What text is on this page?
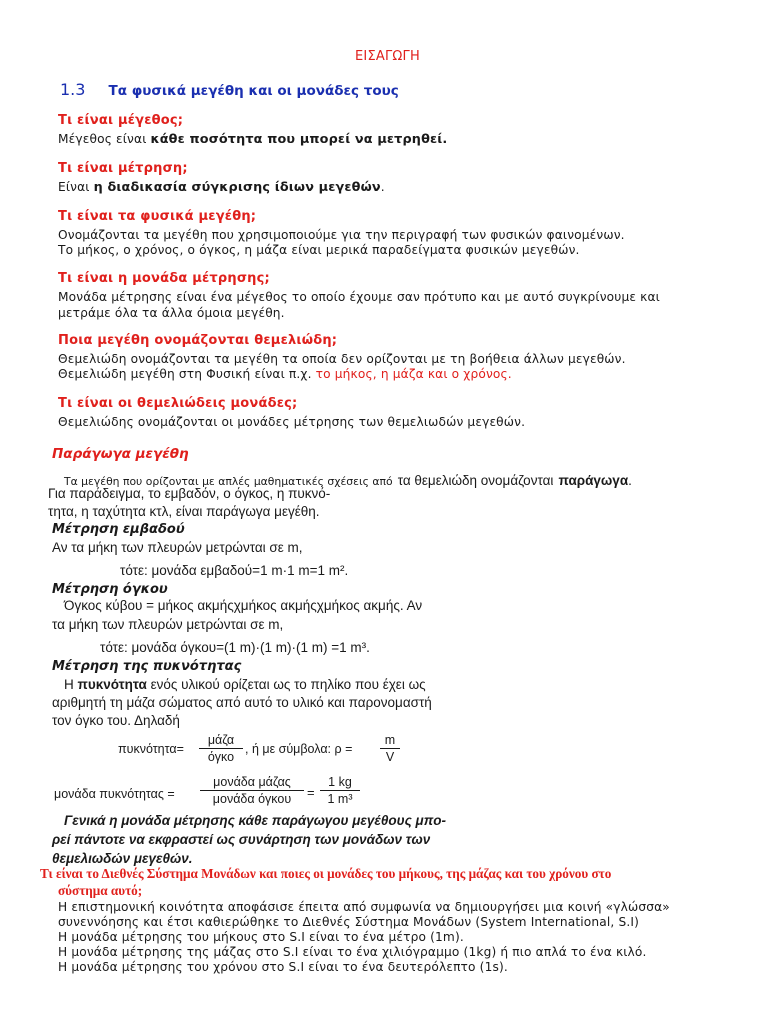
ΕΙΣΑΓΩΓΗ
1.3 Τα φυσικά μεγέθη και οι μονάδες τους
Τι είναι μέγεθος;
Μέγεθος είναι κάθε ποσότητα που μπορεί να μετρηθεί.
Τι είναι μέτρηση;
Είναι η διαδικασία σύγκρισης ίδιων μεγεθών.
Τι είναι τα φυσικά μεγέθη;
Ονομάζονται τα μεγέθη που χρησιμοποιούμε για την περιγραφή των φυσικών φαινομένων.
Το μήκος, ο χρόνος, ο όγκος, η μάζα είναι μερικά παραδείγματα φυσικών μεγεθών.
Τι είναι η μονάδα μέτρησης;
Μονάδα μέτρησης είναι ένα μέγεθος το οποίο έχουμε σαν πρότυπο και με αυτό συγκρίνουμε και
μετράμε όλα τα άλλα όμοια μεγέθη.
Ποια μεγέθη ονομάζονται θεμελιώδη;
Θεμελιώδη ονομάζονται τα μεγέθη τα οποία δεν ορίζονται με τη βοήθεια άλλων μεγεθών.
Θεμελιώδη μεγέθη στη Φυσική είναι π.χ. το μήκος, η μάζα και ο χρόνος.
Τι είναι οι θεμελιώδεις μονάδες;
Θεμελιώδης ονομάζονται οι μονάδες μέτρησης των θεμελιωδών μεγεθών.
Παράγωγα μεγέθη
Τα μεγέθη που ορίζονται με απλές μαθηματικές σχέσεις από τα θεμελιώδη ονομάζονται παράγωγα.
Για παράδειγμα, το εμβαδόν, ο όγκος, η πυκνό-
τητα, η ταχύτητα κτλ, είναι παράγωγα μεγέθη.
Μέτρηση εμβαδού
Αν τα μήκη των πλευρών μετρώνται σε m,
τότε: μονάδα εμβαδού=1 m·1 m=1 m².
Μέτρηση όγκου
Όγκος κύβου = μήκος ακμήςχμήκος ακμήςχμήκος ακμής. Αν
τα μήκη των πλευρών μετρώνται σε m,
τότε: μονάδα όγκου=(1 m)·(1 m)·(1 m) =1 m³.
Μέτρηση της πυκνότητας
Η πυκνότητα ενός υλικού ορίζεται ως το πηλίκο που έχει ως
αριθμητή τη μάζα σώματος από αυτό το υλικό και παρονομαστή
τον όγκο του. Δηλαδή
πυκνότητα=
μάζα
όγκο
, ή με σύμβολα: $\rho = \frac{m}{V}$
μονάδα πυκνότητας =
μονάδα μάζας
μονάδα όγκου	= $\frac{1 kg}{\text{1 m³}}$
Γενικά η μονάδα μέτρησης κάθε παράγωγου μεγέθους μπο-
ρεί πάντοτε να εκφραστεί ως συνάρτηση των μονάδων των
θεμελιωδών μεγεθών.
Τι είναι το Διεθνές Σύστημα Μονάδων και ποιες οι μονάδες του μήκους, της μάζας και του χρόνου στο
σύστημα αυτό;
Η επιστημονική κοινότητα αποφάσισε έπειτα από συμφωνία να δημιουργήσει μια κοινή «γλώσσα»
συνεννόησης και έτσι καθιερώθηκε το Διεθνές Σύστημα Μονάδων (System International, S.I)
Η μονάδα μέτρησης του μήκους στο S.I είναι το ένα μέτρο (1m).
Η μονάδα μέτρησης της μάζας στο S.I είναι το ένα χιλιόγραμμο (1kg) ή πιο απλά το ένα κιλό.
Η μονάδα μέτρησης του χρόνου στο S.I είναι το ένα δευτερόλεπτο (1s).
